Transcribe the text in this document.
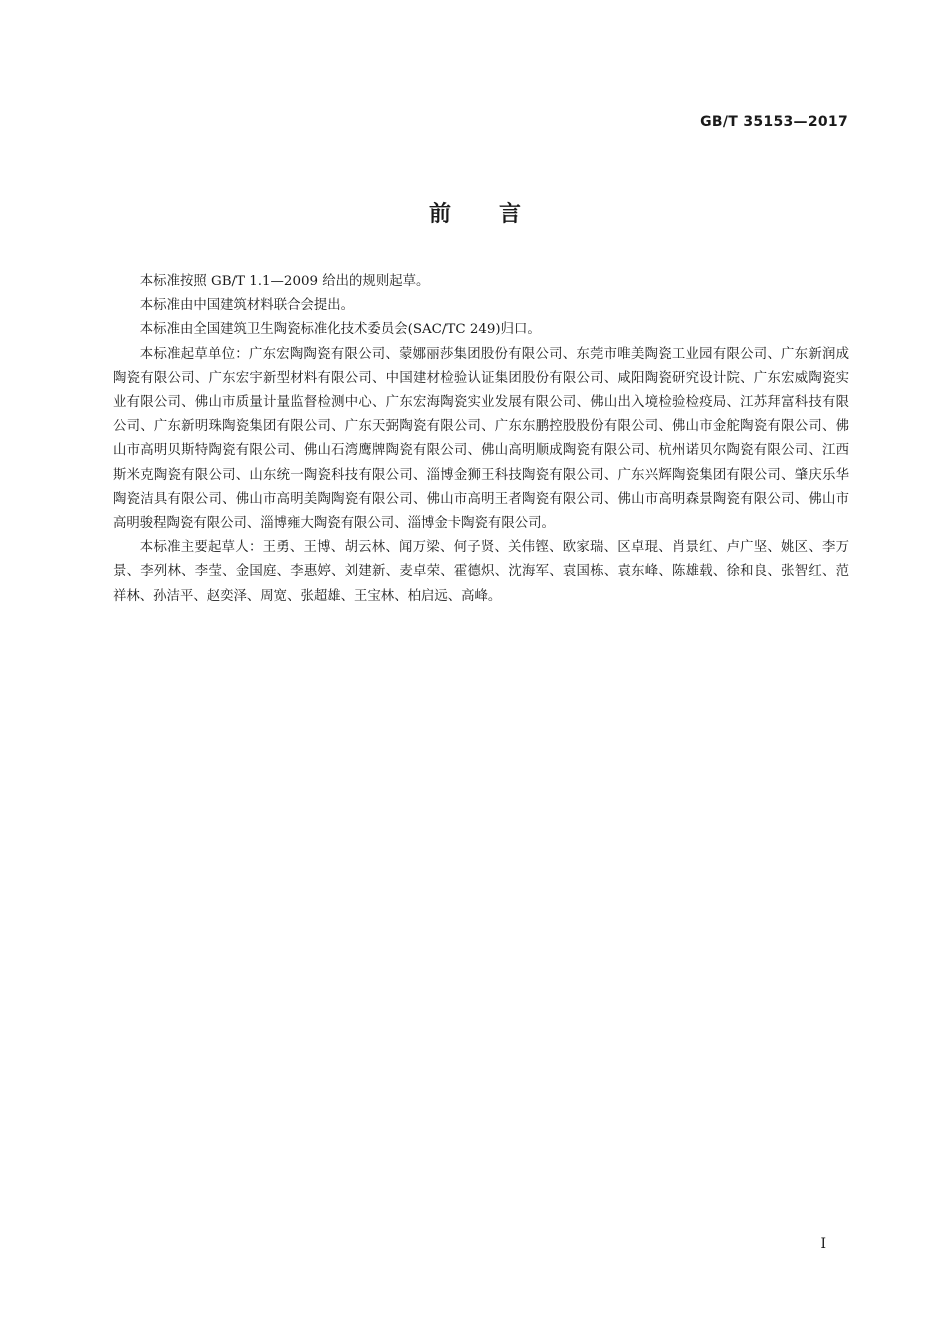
GB/T 35153—2017
前言

本标准按照 GB/T 1.1—2009 给出的规则起草。

本标准由中国建筑材料联合会提出。

本标准由全国建筑卫生陶瓷标准化技术委员会(SAC/TC 249)归口。

本标准起草单位：广东宏陶陶瓷有限公司、蒙娜丽莎集团股份有限公司、东莞市唯美陶瓷工业园有限公司、广东新润成陶瓷有限公司、广东宏宇新型材料有限公司、中国建材检验认证集团股份有限公司、咸阳陶瓷研究设计院、广东宏威陶瓷实业有限公司、佛山市质量计量监督检测中心、广东宏海陶瓷实业发展有限公司、佛山出入境检验检疫局、江苏拜富科技有限公司、广东新明珠陶瓷集团有限公司、广东天弼陶瓷有限公司、广东东鹏控股股份有限公司、佛山市金舵陶瓷有限公司、佛山市高明贝斯特陶瓷有限公司、佛山石湾鹰牌陶瓷有限公司、佛山高明顺成陶瓷有限公司、杭州诺贝尔陶瓷有限公司、江西斯米克陶瓷有限公司、山东统一陶瓷科技有限公司、淄博金狮王科技陶瓷有限公司、广东兴辉陶瓷集团有限公司、肇庆乐华陶瓷洁具有限公司、佛山市高明美陶陶瓷有限公司、佛山市高明王者陶瓷有限公司、佛山市高明森景陶瓷有限公司、佛山市高明骏程陶瓷有限公司、淄博雍大陶瓷有限公司、淄博金卡陶瓷有限公司。

本标准主要起草人：王勇、王博、胡云林、闻万梁、何子贤、关伟铿、欧家瑞、区卓琨、肖景红、卢广坚、姚区、李万景、李列林、李莹、金国庭、李惠婷、刘建新、麦卓荣、霍德炽、沈海军、袁国栋、袁东峰、陈雄载、徐和良、张智红、范祥林、孙洁平、赵奕泽、周宽、张超雄、王宝林、柏启远、高峰。

I
